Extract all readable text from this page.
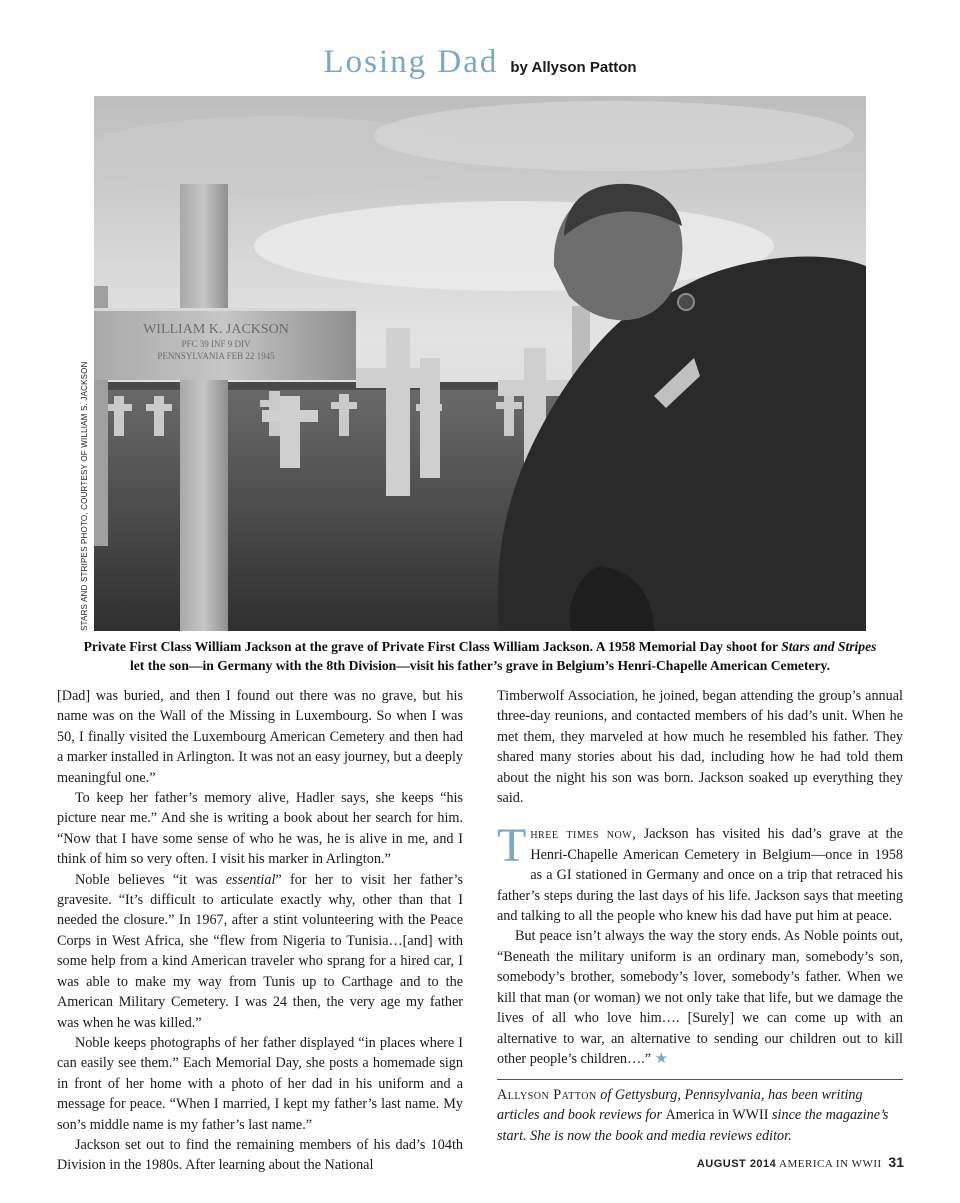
Losing Dad by Allyson Patton
WILLIAM K. JACKSON
PFC 39 INF 9 DIV
PENNSYLVANIA FEB 22 1945
STARS AND STRIPES PHOTO, COURTESY OF WILLIAM S. JACKSON
Private First Class William Jackson at the grave of Private First Class William Jackson. A 1958 Memorial Day shoot for Stars and Stripes let the son—in Germany with the 8th Division—visit his father’s grave in Belgium’s Henri-Chapelle American Cemetery.

[Dad] was buried, and then I found out there was no grave, but his name was on the Wall of the Missing in Luxembourg. So when I was 50, I finally visited the Luxembourg American Cemetery and then had a marker installed in Arlington. It was not an easy journey, but a deeply meaningful one.”

To keep her father’s memory alive, Hadler says, she keeps “his picture near me.” And she is writing a book about her search for him. “Now that I have some sense of who he was, he is alive in me, and I think of him so very often. I visit his marker in Arlington.”

Noble believes “it was essential” for her to visit her father’s gravesite. “It’s difficult to articulate exactly why, other than that I needed the closure.” In 1967, after a stint volunteering with the Peace Corps in West Africa, she “flew from Nigeria to Tunisia…[and] with some help from a kind American traveler who sprang for a hired car, I was able to make my way from Tunis up to Carthage and to the American Military Cemetery. I was 24 then, the very age my father was when he was killed.”

Noble keeps photographs of her father displayed “in places where I can easily see them.” Each Memorial Day, she posts a homemade sign in front of her home with a photo of her dad in his uniform and a message for peace. “When I married, I kept my father’s last name. My son’s middle name is my father’s last name.”

Jackson set out to find the remaining members of his dad’s 104th Division in the 1980s. After learning about the National

Timberwolf Association, he joined, began attending the group’s annual three-day reunions, and contacted members of his dad’s unit. When he met them, they marveled at how much he resembled his father. They shared many stories about his dad, including how he had told them about the night his son was born. Jackson soaked up everything they said.

Three times now, Jackson has visited his dad’s grave at the Henri-Chapelle American Cemetery in Belgium—once in 1958 as a GI stationed in Germany and once on a trip that retraced his father’s steps during the last days of his life. Jackson says that meeting and talking to all the people who knew his dad have put him at peace.

But peace isn’t always the way the story ends. As Noble points out, “Beneath the military uniform is an ordinary man, somebody’s son, somebody’s brother, somebody’s lover, somebody’s father. When we kill that man (or woman) we not only take that life, but we damage the lives of all who love him…. [Surely] we can come up with an alternative to war, an alternative to sending our children out to kill other people’s children….” ★

Allyson Patton of Gettysburg, Pennsylvania, has been writing articles and book reviews for America in WWII since the magazine’s start. She is now the book and media reviews editor.
AUGUST 2014 AMERICA IN WWII 31
